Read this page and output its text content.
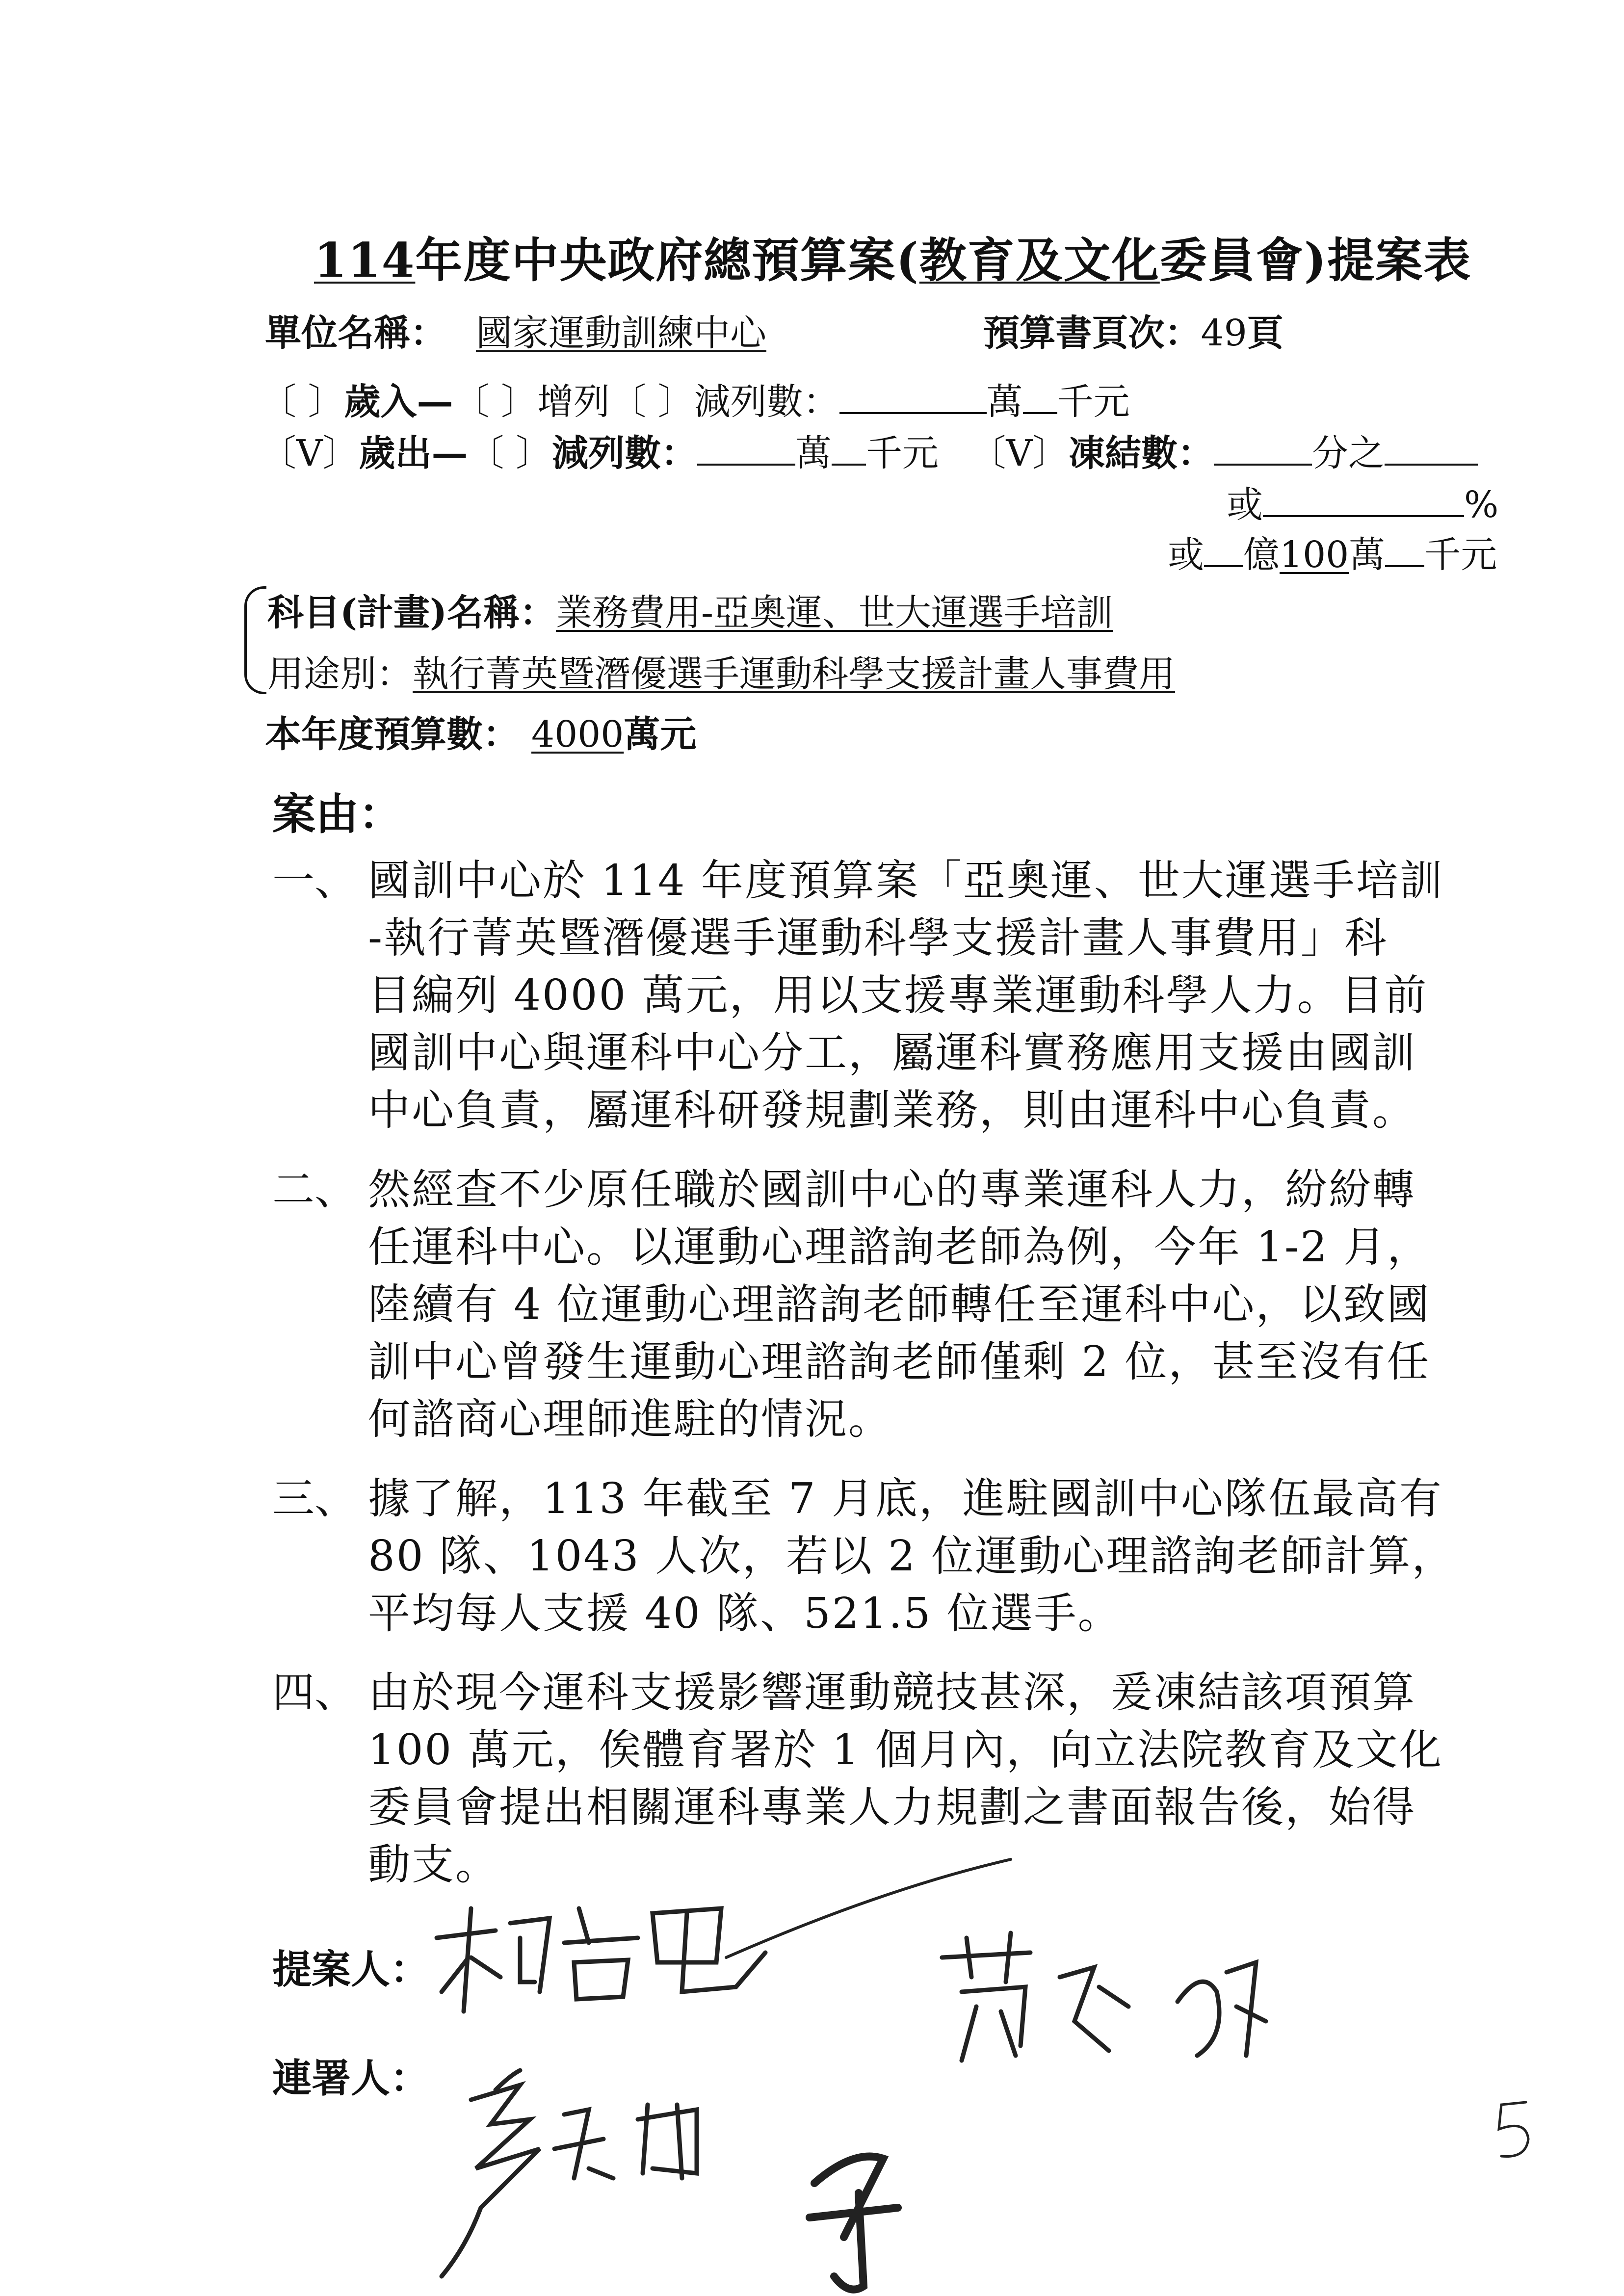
114年度中央政府總預算案(教育及文化委員會)提案表
單位名稱： 國家運動訓練中心	預算書頁次：49頁
〔 〕歲入—〔 〕增列〔 〕減列數：	萬 千元
〔V〕歲出—〔 〕減列數：	萬 千元 〔V〕凍結數：	分之
或	%
或 億100萬 千元
科目(計畫)名稱：業務費用-亞奧運、世大運選手培訓
用途別：執行菁英暨潛優選手運動科學支援計畫人事費用
本年度預算數： 4000萬元
案由：
一、 國訓中心於 114 年度預算案「亞奧運、世大運選手培訓
-執行菁英暨潛優選手運動科學支援計畫人事費用」科
目編列 4000 萬元，用以支援專業運動科學人力。目前
國訓中心與運科中心分工，屬運科實務應用支援由國訓
中心負責，屬運科研發規劃業務，則由運科中心負責。
二、 然經查不少原任職於國訓中心的專業運科人力，紛紛轉
任運科中心。以運動心理諮詢老師為例，今年 1-2 月，
陸續有 4 位運動心理諮詢老師轉任至運科中心，以致國
訓中心曾發生運動心理諮詢老師僅剩 2 位，甚至沒有任
何諮商心理師進駐的情況。
三、 據了解，113 年截至 7 月底，進駐國訓中心隊伍最高有
80 隊、1043 人次，若以 2 位運動心理諮詢老師計算，
平均每人支援 40 隊、521.5 位選手。
四、 由於現今運科支援影響運動競技甚深，爰凍結該項預算
100 萬元，俟體育署於 1 個月內，向立法院教育及文化
委員會提出相關運科專業人力規劃之書面報告後，始得
動支。
提案人：
連署人：
